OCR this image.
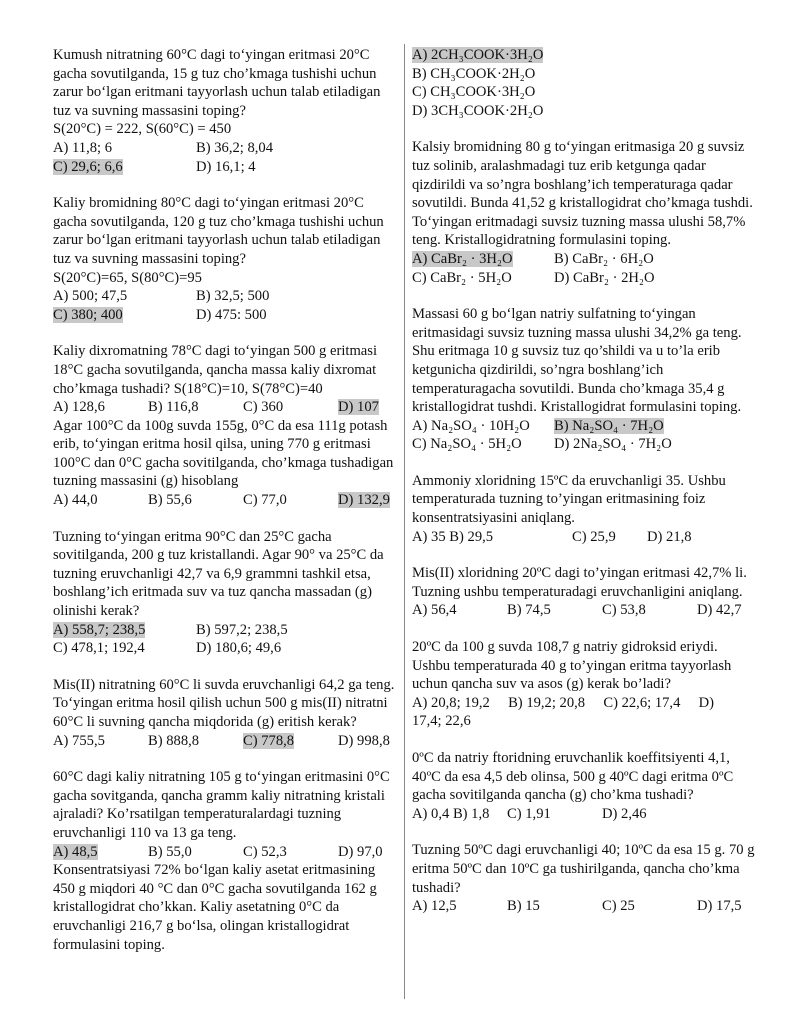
Kumush nitratning 60°C dagi to‘yingan eritmasi 20°C gacha sovutilganda, 15 g tuz cho’kmaga tushishi uchun zarur bo‘lgan eritmani tayyorlash uchun talab etiladigan tuz va suvning massasini toping?

S(20°C) = 222, S(60°C) = 450

A) 11,8; 6	B) 36,2; 8,04
C) 29,6; 6,6	D) 16,1; 4

Kaliy bromidning 80°C dagi to‘yingan eritmasi 20°C gacha sovutilganda, 120 g tuz cho’kmaga tushishi uchun zarur bo‘lgan eritmani tayyorlash uchun talab etiladigan tuz va suvning massasini toping?

S(20°C)=65, S(80°C)=95

A) 500; 47,5	B) 32,5; 500
C) 380; 400	D) 475: 500

Kaliy dixromatning 78°C dagi to‘yingan 500 g eritmasi 18°C gacha sovutilganda, qancha massa kaliy dixromat cho’kmaga tushadi? S(18°C)=10, S(78°C)=40

A) 128,6	B) 116,8	C) 360	D) 107

Agar 100°C da 100g suvda 155g, 0°C da esa 111g potash erib, to‘yingan eritma hosil qilsa, uning 770 g eritmasi 100°C dan 0°C gacha sovitilganda, cho’kmaga tushadigan tuzning massasini (g) hisoblang

A) 44,0	B) 55,6	C) 77,0	D) 132,9

Tuzning to‘yingan eritma 90°C dan 25°C gacha sovitilganda, 200 g tuz kristallandi. Agar 90° va 25°C da tuzning eruvchanligi 42,7 va 6,9 grammni tashkil etsa, boshlang’ich eritmada suv va tuz qancha massadan (g) olinishi kerak?

A) 558,7; 238,5	B) 597,2; 238,5
C) 478,1; 192,4	D) 180,6; 49,6

Mis(II) nitratning 60°C li suvda eruvchanligi 64,2 ga teng. To‘yingan eritma hosil qilish uchun 500 g mis(II) nitratni 60°C li suvning qancha miqdorida (g) eritish kerak?

A) 755,5	B) 888,8	C) 778,8	D) 998,8

60°C dagi kaliy nitratning 105 g to‘yingan eritmasini 0°C gacha sovitganda, qancha gramm kaliy nitratning kristali ajraladi? Ko’rsatilgan temperaturalardagi tuzning eruvchanligi 110 va 13 ga teng.

A) 48,5	B) 55,0	C) 52,3	D) 97,0

Konsentratsiyasi 72% bo‘lgan kaliy asetat eritmasining 450 g miqdori 40 °C dan 0°C gacha sovutilganda 162 g kristallogidrat cho’kkan. Kaliy asetatning 0°C da eruvchanligi 216,7 g bo‘lsa, olingan kristallogidrat formulasini toping.

A) 2CH₃COOK·3H₂O
B) CH₃COOK·2H₂O
C) CH₃COOK·3H₂O
D) 3CH₃COOK·2H₂O

Kalsiy bromidning 80 g to‘yingan eritmasiga 20 g suvsiz tuz solinib, aralashmadagi tuz erib ketgunga qadar qizdirildi va so’ngra boshlang’ich temperaturaga qadar sovutildi. Bunda 41,52 g kristallogidrat cho’kmaga tushdi. To‘yingan eritmadagi suvsiz tuzning massa ulushi 58,7% teng. Kristallogidratning formulasini toping.

A) CaBr₂ · 3H₂O	B) CaBr₂ · 6H₂O
C) CaBr₂ · 5H₂O	D) CaBr₂ · 2H₂O

Massasi 60 g bo‘lgan natriy sulfatning to‘yingan eritmasidagi suvsiz tuzning massa ulushi 34,2% ga teng. Shu eritmaga 10 g suvsiz tuz qo’shildi va u to’la erib ketgunicha qizdirildi, so’ngra boshlang’ich temperaturagacha sovutildi. Bunda cho’kmaga 35,4 g kristallogidrat tushdi. Kristallogidrat formulasini toping.

A) Na₂SO₄ · 10H₂O	B) Na₂SO₄ · 7H₂O
C) Na₂SO₄ · 5H₂O	D) 2Na₂SO₄ · 7H₂O

Ammoniy xloridning 15ºC da eruvchanligi 35. Ushbu temperaturada tuzning to’yingan eritmasining foiz konsentratsiyasini aniqlang.

A) 35 B) 29,5	C) 25,9	D) 21,8

Mis(II) xloridning 20ºC dagi to’yingan eritmasi 42,7% li. Tuzning ushbu temperaturadagi eruvchanligini aniqlang.

A) 56,4	B) 74,5	C) 53,8	D) 42,7

20ºC da 100 g suvda 108,7 g natriy gidroksid eriydi. Ushbu temperaturada 40 g to’yingan eritma tayyorlash uchun qancha suv va asos (g) kerak bo’ladi?

A) 20,8; 19,2     B) 19,2; 20,8     C) 22,6; 17,4     D)

17,4; 22,6

0ºC da natriy ftoridning eruvchanlik koeffitsiyenti 4,1, 40ºC da esa 4,5 deb olinsa, 500 g 40ºC dagi eritma 0ºC gacha sovitilganda qancha (g) cho’kma tushadi?

A) 0,4 B) 1,8	C) 1,91	D) 2,46

Tuzning 50ºC dagi eruvchanligi 40; 10ºC da esa 15 g. 70 g eritma 50ºC dan 10ºC ga tushirilganda, qancha cho’kma tushadi?

A) 12,5	B) 15	C) 25	D) 17,5
